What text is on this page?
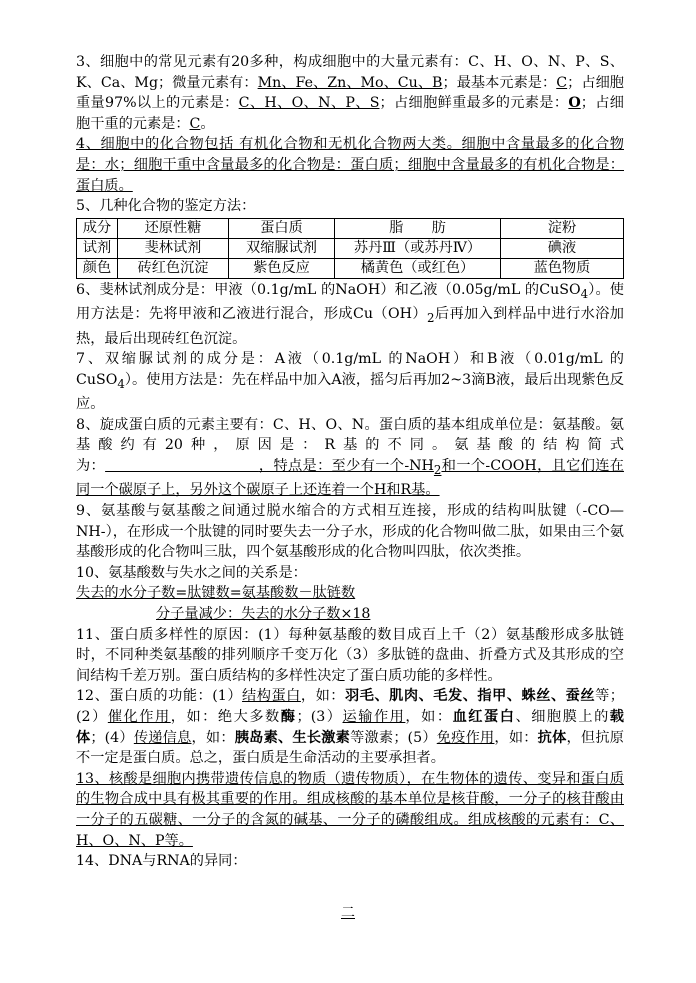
3、细胞中的常见元素有20多种，构成细胞中的大量元素有：C、H、O、N、P、S、K、Ca、Mg；微量元素有：Mn、Fe、Zn、Mo、Cu、B；最基本元素是：C；占细胞重量97%以上的元素是：C、H、O、N、P、S；占细胞鲜重最多的元素是：O；占细胞干重的元素是：C。

4、细胞中的化合物包括 有机化合物和无机化合物两大类。细胞中含量最多的化合物是：水；细胞干重中含量最多的化合物是：蛋白质；细胞中含量最多的有机化合物是：蛋白质。

5、几种化合物的鉴定方法：

成分	还原性糖	蛋白质	脂　　肪	淀粉
试剂	斐林试剂	双缩脲试剂	苏丹Ⅲ（或苏丹Ⅳ）	碘液
颜色	砖红色沉淀	紫色反应	橘黄色（或红色）	蓝色物质

6、斐林试剂成分是：甲液（0.1g/mL 的NaOH）和乙液（0.05g/mL 的CuSO$_4$）。使用方法是：先将甲液和乙液进行混合，形成$Cu(OH)_2$后再加入到样品中进行水浴加热，最后出现砖红色沉淀。

7、双缩脲试剂的成分是：A液（0.1g/mL 的NaOH）和B液（0.01g/mL 的CuSO$_4$）。使用方法是：先在样品中加入A液，摇匀后再加2~3滴B液，最后出现紫色反应。

8、旋成蛋白质的元素主要有：C、H、O、N。蛋白质的基本组成单位是：氨基酸。氨基酸约有20种，原因是：R基的不同。氨基酸的结构简式为：                 	，特点是：至少有一个$-NH_2$和一个-COOH，且它们连在同一个碳原子上，另外这个碳原子上还连着一个H和R基。

9、氨基酸与氨基酸之间通过脱水缩合的方式相互连接，形成的结构叫肽键（-CO—NH-），在形成一个肽键的同时要失去一分子水，形成的化合物叫做二肽，如果由三个氨基酸形成的化合物叫三肽，四个氨基酸形成的化合物叫四肽，依次类推。

10、氨基酸数与失水之间的关系是：

失去的水分子数=肽键数=氨基酸数－肽链数

分子量减少：失去的水分子数×18

11、蛋白质多样性的原因：(1）每种氨基酸的数目成百上千（2）氨基酸形成多肽链时，不同种类氨基酸的排列顺序千变万化（3）多肽链的盘曲、折叠方式及其形成的空间结构千差万别。蛋白质结构的多样性决定了蛋白质功能的多样性。

12、蛋白质的功能：(1）结构蛋白，如：羽毛、肌肉、毛发、指甲、蛛丝、蚕丝等；(2）催化作用，如：绝大多数酶；(3）运输作用，如：血红蛋白、细胞膜上的载体；(4）传递信息，如：胰岛素、生长激素等激素；(5）免疫作用，如：抗体，但抗原不一定是蛋白质。总之，蛋白质是生命活动的主要承担者。

13、核酸是细胞内携带遗传信息的物质（遗传物质），在生物体的遗传、变异和蛋白质的生物合成中具有极其重要的作用。组成核酸的基本单位是核苷酸，一分子的核苷酸由一分子的五碳糖、一分子的含氮的碱基、一分子的磷酸组成。组成核酸的元素有：C、H、O、N、P等。

14、DNA与RNA的异同：

二
